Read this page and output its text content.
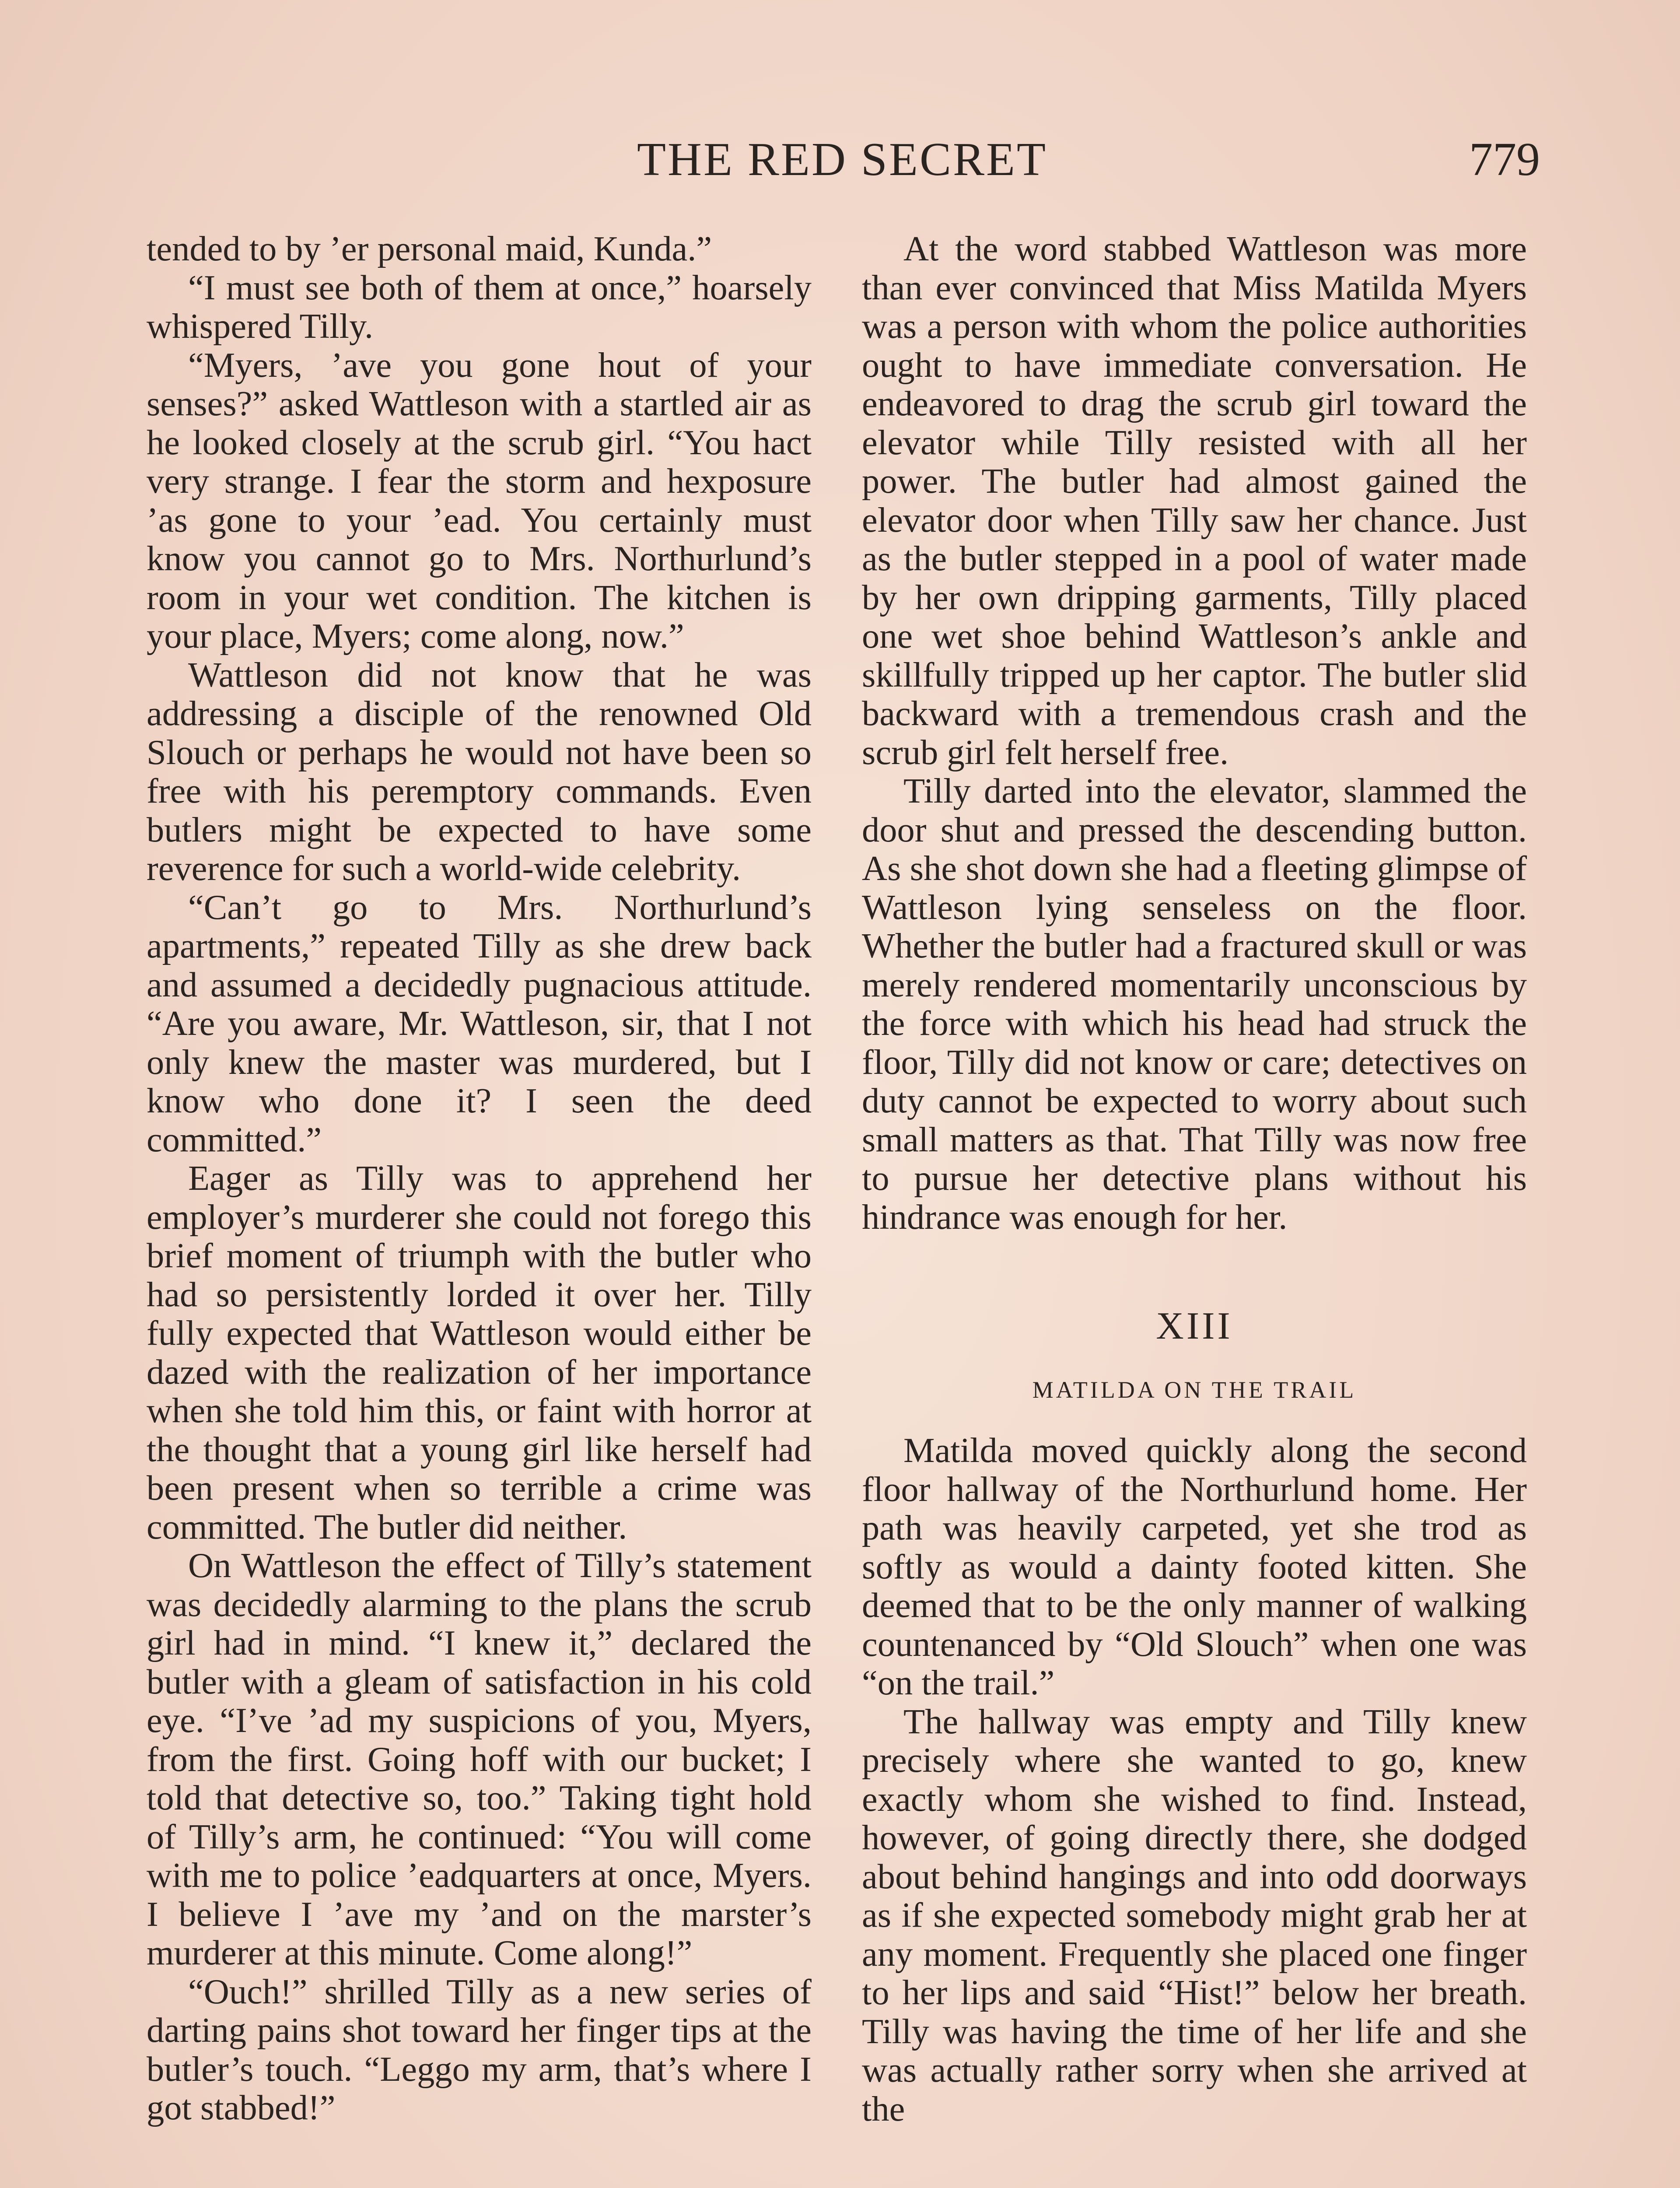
THE RED SECRET	779

tended to by ’er personal maid, Kunda.”

“I must see both of them at once,” hoarsely whispered Tilly.

“Myers, ’ave you gone hout of your senses?” asked Wattleson with a startled air as he looked closely at the scrub girl. “You hact very strange. I fear the storm and hexposure ’as gone to your ’ead. You certainly must know you cannot go to Mrs. Northurlund’s room in your wet condition. The kitchen is your place, Myers; come along, now.”

Wattleson did not know that he was addressing a disciple of the renowned Old Slouch or perhaps he would not have been so free with his peremptory commands. Even butlers might be expected to have some reverence for such a world-wide celebrity.

“Can’t go to Mrs. Northurlund’s apartments,” repeated Tilly as she drew back and assumed a decidedly pugnacious attitude. “Are you aware, Mr. Wattleson, sir, that I not only knew the master was murdered, but I know who done it? I seen the deed committed.”

Eager as Tilly was to apprehend her employer’s murderer she could not forego this brief moment of triumph with the butler who had so persistently lorded it over her. Tilly fully expected that Wattleson would either be dazed with the realization of her importance when she told him this, or faint with horror at the thought that a young girl like herself had been present when so terrible a crime was committed. The butler did neither.

On Wattleson the effect of Tilly’s statement was decidedly alarming to the plans the scrub girl had in mind. “I knew it,” declared the butler with a gleam of satisfaction in his cold eye. “I’ve ’ad my suspicions of you, Myers, from the first. Going hoff with our bucket; I told that detective so, too.” Taking tight hold of Tilly’s arm, he continued: “You will come with me to police ’eadquarters at once, Myers. I believe I ’ave my ’and on the marster’s murderer at this minute. Come along!”

“Ouch!” shrilled Tilly as a new series of darting pains shot toward her finger tips at the butler’s touch. “Leggo my arm, that’s where I got stabbed!”

At the word stabbed Wattleson was more than ever convinced that Miss Matilda Myers was a person with whom the police authorities ought to have immediate conversation. He endeavored to drag the scrub girl toward the elevator while Tilly resisted with all her power. The butler had almost gained the elevator door when Tilly saw her chance. Just as the butler stepped in a pool of water made by her own dripping garments, Tilly placed one wet shoe behind Wattleson’s ankle and skillfully tripped up her captor. The butler slid backward with a tremendous crash and the scrub girl felt herself free.

Tilly darted into the elevator, slammed the door shut and pressed the descending button. As she shot down she had a fleeting glimpse of Wattleson lying senseless on the floor. Whether the butler had a fractured skull or was merely rendered momentarily unconscious by the force with which his head had struck the floor, Tilly did not know or care; detectives on duty cannot be expected to worry about such small matters as that. That Tilly was now free to pursue her detective plans without his hindrance was enough for her.

XIII
MATILDA ON THE TRAIL

Matilda moved quickly along the second floor hallway of the Northurlund home. Her path was heavily carpeted, yet she trod as softly as would a dainty footed kitten. She deemed that to be the only manner of walking countenanced by “Old Slouch” when one was “on the trail.”

The hallway was empty and Tilly knew precisely where she wanted to go, knew exactly whom she wished to find. Instead, however, of going directly there, she dodged about behind hangings and into odd doorways as if she expected somebody might grab her at any moment. Frequently she placed one finger to her lips and said “Hist!” below her breath. Tilly was having the time of her life and she was actually rather sorry when she arrived at the
